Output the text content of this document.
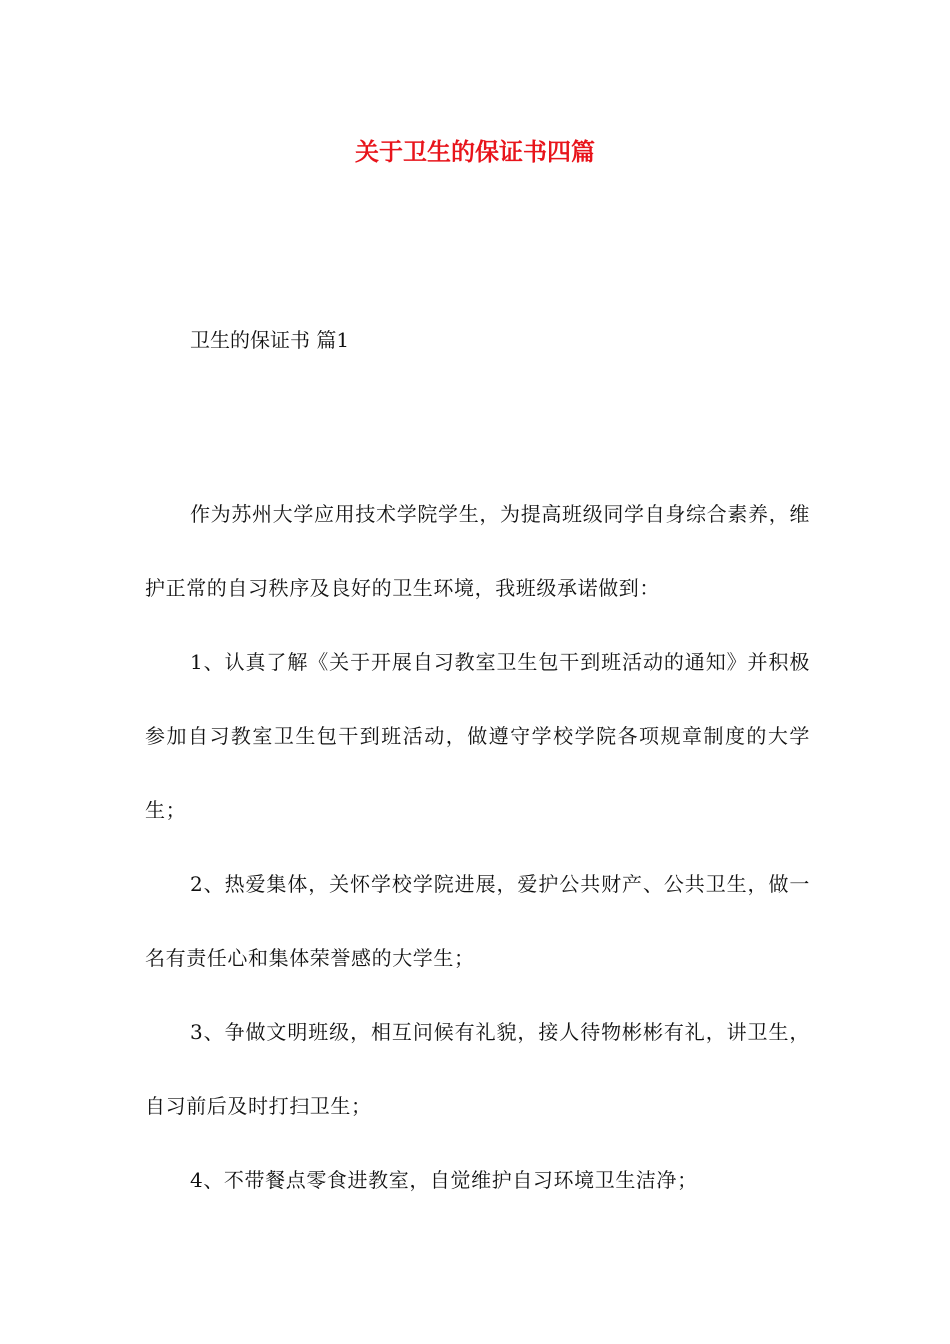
关于卫生的保证书四篇
卫生的保证书 篇1

作为苏州大学应用技术学院学生，为提高班级同学自身综合素养，维护正常的自习秩序及良好的卫生环境，我班级承诺做到：

1、认真了解《关于开展自习教室卫生包干到班活动的通知》并积极参加自习教室卫生包干到班活动，做遵守学校学院各项规章制度的大学生；

2、热爱集体，关怀学校学院进展，爱护公共财产、公共卫生，做一名有责任心和集体荣誉感的大学生；

3、争做文明班级，相互问候有礼貌，接人待物彬彬有礼，讲卫生，自习前后及时打扫卫生；

4、不带餐点零食进教室，自觉维护自习环境卫生洁净；
